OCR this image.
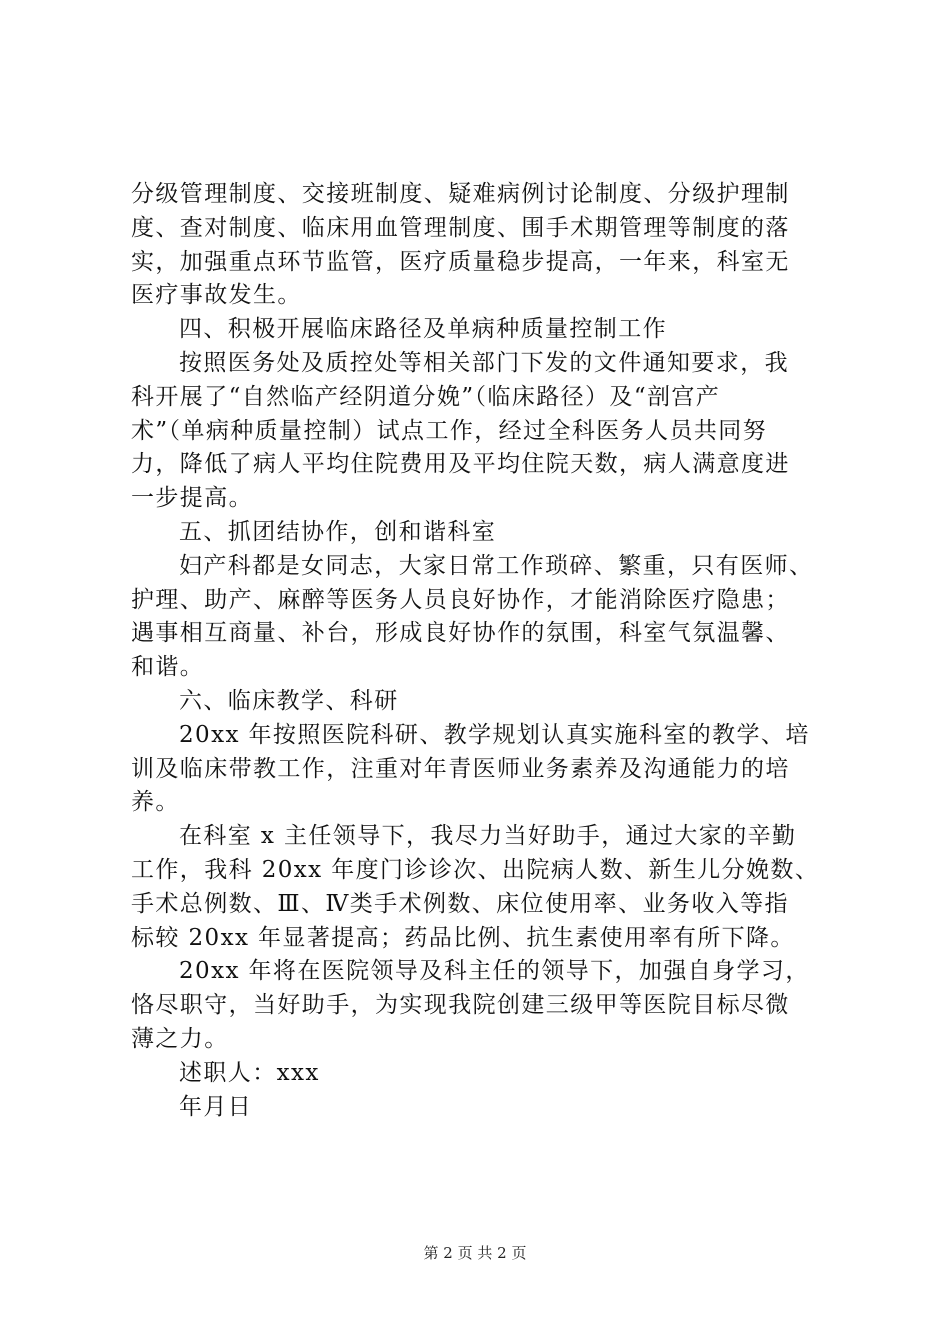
分级管理制度、交接班制度、疑难病例讨论制度、分级护理制
度、查对制度、临床用血管理制度、围手术期管理等制度的落
实，加强重点环节监管，医疗质量稳步提高，一年来，科室无
医疗事故发生。
四、积极开展临床路径及单病种质量控制工作
按照医务处及质控处等相关部门下发的文件通知要求，我
科开展了“自然临产经阴道分娩”（临床路径）及“剖宫产
术”（单病种质量控制）试点工作，经过全科医务人员共同努
力，降低了病人平均住院费用及平均住院天数，病人满意度进
一步提高。
五、抓团结协作，创和谐科室
妇产科都是女同志，大家日常工作琐碎、繁重，只有医师、
护理、助产、麻醉等医务人员良好协作，才能消除医疗隐患；
遇事相互商量、补台，形成良好协作的氛围，科室气氛温馨、
和谐。
六、临床教学、科研
20xx 年按照医院科研、教学规划认真实施科室的教学、培
训及临床带教工作，注重对年青医师业务素养及沟通能力的培
养。
在科室 x 主任领导下，我尽力当好助手，通过大家的辛勤
工作，我科 20xx 年度门诊诊次、出院病人数、新生儿分娩数、
手术总例数、Ⅲ、Ⅳ类手术例数、床位使用率、业务收入等指
标较 20xx 年显著提高；药品比例、抗生素使用率有所下降。
20xx 年将在医院领导及科主任的领导下，加强自身学习，
恪尽职守，当好助手，为实现我院创建三级甲等医院目标尽微
薄之力。
述职人：xxx
年月日
第 2 页 共 2 页
